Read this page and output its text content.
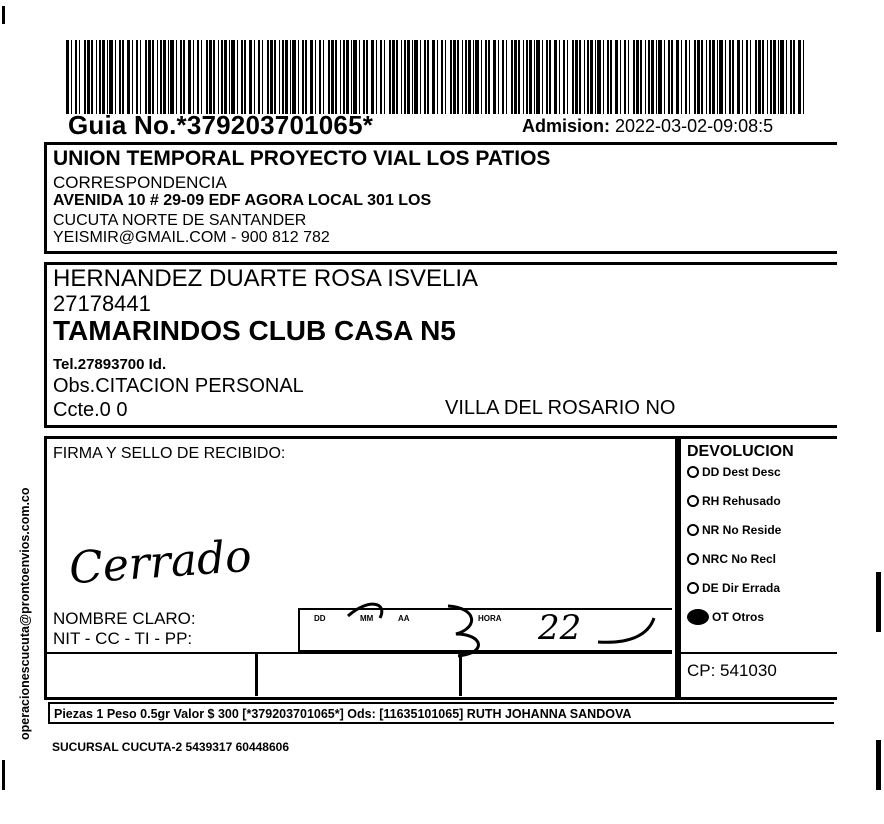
Guia No.*379203701065*	Admision: 2022-03-02-09:08:5
UNION TEMPORAL PROYECTO VIAL LOS PATIOS
CORRESPONDENCIA
AVENIDA 10 # 29-09 EDF AGORA LOCAL 301 LOS
CUCUTA NORTE DE SANTANDER
YEISMIR@GMAIL.COM - 900 812 782
HERNANDEZ DUARTE ROSA ISVELIA
27178441
TAMARINDOS CLUB CASA N5
Tel.27893700 Id.
Obs.CITACION PERSONAL
Ccte.0 0	VILLA DEL ROSARIO NO
FIRMA Y SELLO DE RECIBIDO:
Cerrado
NOMBRE CLARO:
NIT - CC - TI - PP:
DD	MM	AA	HORA 22
DEVOLUCION
DD Dest Desc
RH Rehusado
NR No Reside
NRC No Recl
DE Dir Errada
OT Otros
CP: 541030
Piezas 1 Peso 0.5gr Valor $ 300 [*379203701065*] Ods: [11635101065] RUTH JOHANNA SANDOVA
SUCURSAL CUCUTA-2 5439317 60448606
operacionescucuta@prontoenvios.com.co
